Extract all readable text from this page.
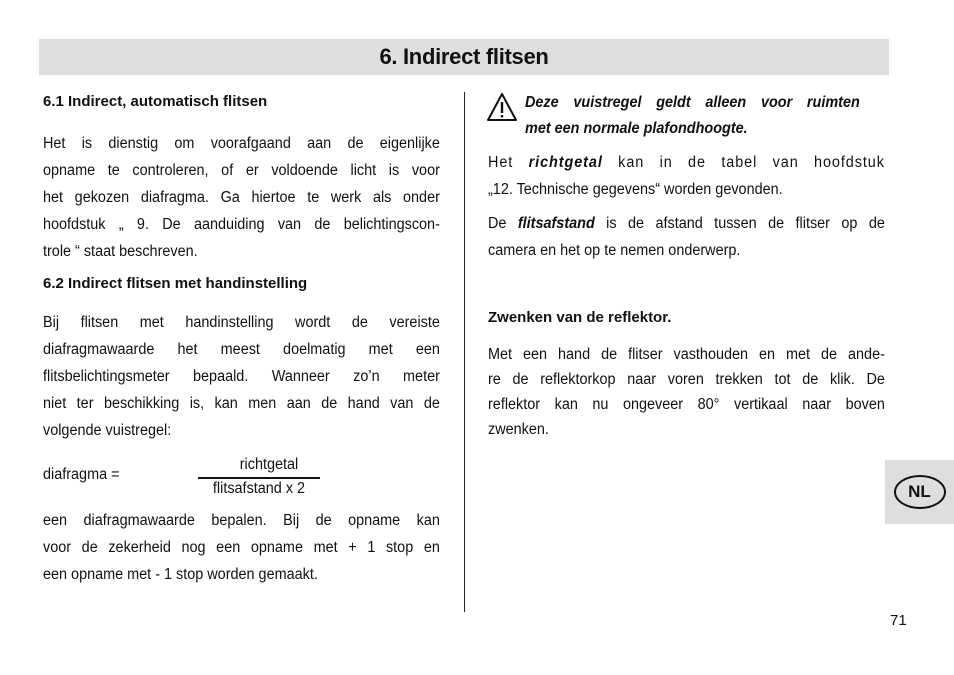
6. Indirect flitsen
6.1 Indirect, automatisch flitsen

Het is dienstig om voorafgaand aan de eigenlijke

opname te controleren, of er voldoende licht is voor

het gekozen diafragma. Ga hiertoe te werk als onder

hoofdstuk „ 9. De aanduiding van de belichtingscon-

trole “ staat beschreven.

6.2 Indirect flitsen met handinstelling

Bij flitsen met handinstelling wordt de vereiste

diafragmawaarde het meest doelmatig met een

flitsbelichtingsmeter bepaald. Wanneer zo’n meter

niet ter beschikking is, kan men aan de hand van de

volgende vuistregel:

diafragma =
richtgetal
flitsafstand x 2

een diafragmawaarde bepalen. Bij de opname kan

voor de zekerheid nog een opname met + 1 stop en

een opname met - 1 stop worden gemaakt.

Deze vuistregel geldt alleen voor ruimten
met een normale plafondhoogte.

Het richtgetal kan in de tabel van hoofdstuk

„12. Technische gegevens“ worden gevonden.

De flitsafstand is de afstand tussen de flitser op de

camera en het op te nemen onderwerp.

Zwenken van de reflektor.

Met een hand de flitser vasthouden en met de ande-

re de reflektorkop naar voren trekken tot de klik. De

reflektor kan nu ongeveer 80° vertikaal naar boven

zwenken.

NL
71
